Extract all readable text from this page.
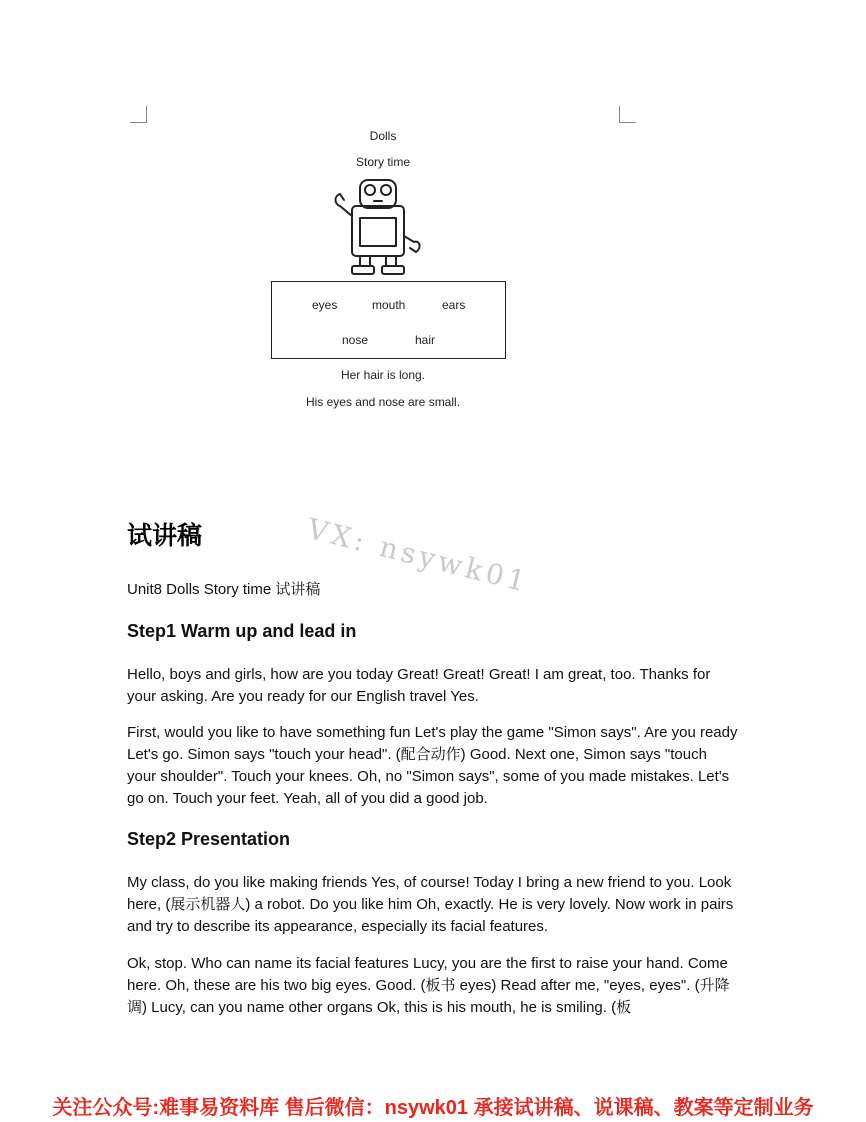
Dolls
Story time
eyes	mouth	ears
nose	hair
Her hair is long.
His eyes and nose are small.
VX: nsywk01
试讲稿
Unit8 Dolls Story time 试讲稿
Step1 Warm up and lead in

Hello, boys and girls, how are you today Great! Great! Great! I am great, too. Thanks for your asking. Are you ready for our English travel Yes.

First, would you like to have something fun Let's play the game "Simon says". Are you ready Let's go. Simon says "touch your head". (配合动作) Good. Next one, Simon says "touch your shoulder". Touch your knees. Oh, no "Simon says", some of you made mistakes. Let's go on. Touch your feet. Yeah, all of you did a good job.

Step2 Presentation

My class, do you like making friends Yes, of course! Today I bring a new friend to you. Look here, (展示机器人) a robot. Do you like him Oh, exactly. He is very lovely. Now work in pairs and try to describe its appearance, especially its facial features.

Ok, stop. Who can name its facial features Lucy, you are the first to raise your hand. Come here. Oh, these are his two big eyes. Good. (板书 eyes) Read after me, "eyes, eyes". (升降调) Lucy, can you name other organs Ok, this is his mouth, he is smiling. (板

关注公众号:难事易资料库 售后微信：nsywk01 承接试讲稿、说课稿、教案等定制业务
